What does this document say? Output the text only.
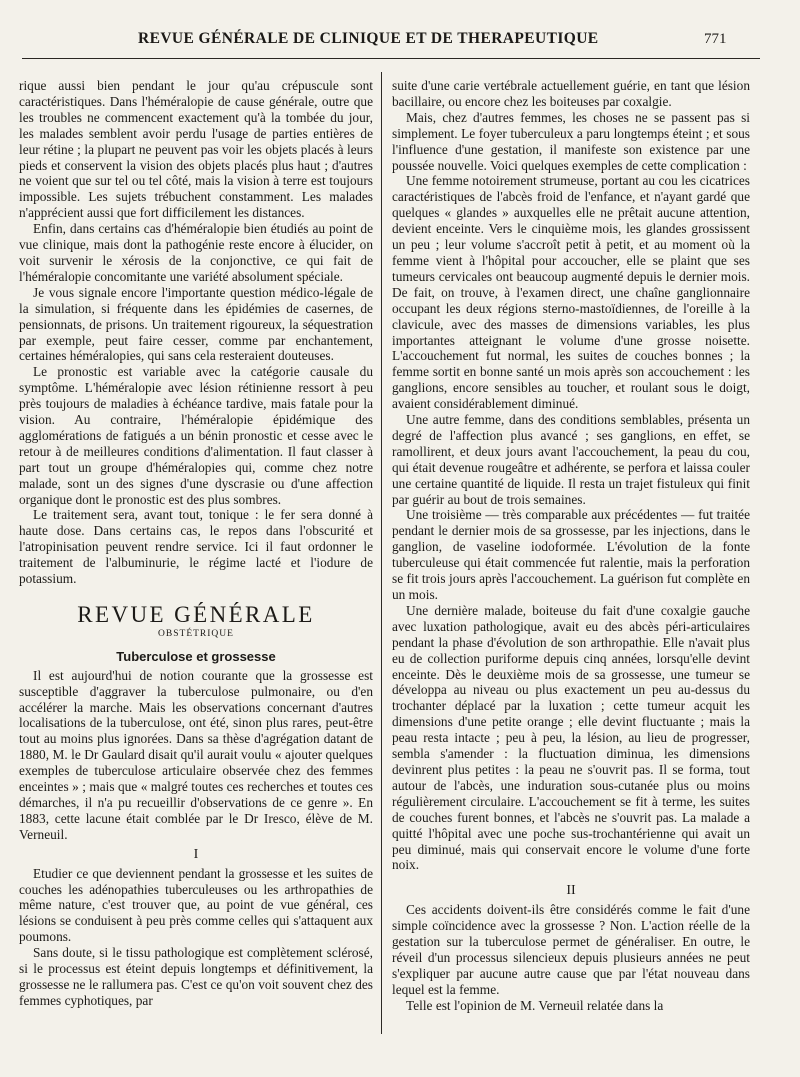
REVUE GÉNÉRALE DE CLINIQUE ET DE THERAPEUTIQUE	771

rique aussi bien pendant le jour qu'au crépuscule sont caractéristiques. Dans l'héméralopie de cause générale, outre que les troubles ne commencent exactement qu'à la tombée du jour, les malades semblent avoir perdu l'usage de parties entières de leur rétine ; la plupart ne peuvent pas voir les objets placés à leurs pieds et conservent la vision des objets placés plus haut ; d'autres ne voient que sur tel ou tel côté, mais la vision à terre est toujours impossible. Les sujets trébuchent constamment. Les malades n'apprécient aussi que fort difficilement les distances.

Enfin, dans certains cas d'héméralopie bien étudiés au point de vue clinique, mais dont la pathogénie reste encore à élucider, on voit survenir le xérosis de la conjonctive, ce qui fait de l'héméralopie concomitante une variété absolument spéciale.

Je vous signale encore l'importante question médico-légale de la simulation, si fréquente dans les épidémies de casernes, de pensionnats, de prisons. Un traitement rigoureux, la séquestration par exemple, peut faire cesser, comme par enchantement, certaines héméralopies, qui sans cela resteraient douteuses.

Le pronostic est variable avec la catégorie causale du symptôme. L'héméralopie avec lésion rétinienne ressort à peu près toujours de maladies à échéance tardive, mais fatale pour la vision. Au contraire, l'héméralopie épidémique des agglomérations de fatigués a un bénin pronostic et cesse avec le retour à de meilleures conditions d'alimentation. Il faut classer à part tout un groupe d'héméralopies qui, comme chez notre malade, sont un des signes d'une dyscrasie ou d'une affection organique dont le pronostic est des plus sombres.

Le traitement sera, avant tout, tonique : le fer sera donné à haute dose. Dans certains cas, le repos dans l'obscurité et l'atropinisation peuvent rendre service. Ici il faut ordonner le traitement de l'albuminurie, le régime lacté et l'iodure de potassium.

REVUE GÉNÉRALE
OBSTÉTRIQUE
Tuberculose et grossesse

Il est aujourd'hui de notion courante que la grossesse est susceptible d'aggraver la tuberculose pulmonaire, ou d'en accélérer la marche. Mais les observations concernant d'autres localisations de la tuberculose, ont été, sinon plus rares, peut-être tout au moins plus ignorées. Dans sa thèse d'agrégation datant de 1880, M. le Dr Gaulard disait qu'il aurait voulu « ajouter quelques exemples de tuberculose articulaire observée chez des femmes enceintes » ; mais que « malgré toutes ces recherches et toutes ces démarches, il n'a pu recueillir d'observations de ce genre ». En 1883, cette lacune était comblée par le Dr Iresco, élève de M. Verneuil.

I

Etudier ce que deviennent pendant la grossesse et les suites de couches les adénopathies tuberculeuses ou les arthropathies de même nature, c'est trouver que, au point de vue général, ces lésions se conduisent à peu près comme celles qui s'attaquent aux poumons.

Sans doute, si le tissu pathologique est complètement sclérosé, si le processus est éteint depuis longtemps et définitivement, la grossesse ne le rallumera pas. C'est ce qu'on voit souvent chez des femmes cyphotiques, par

suite d'une carie vertébrale actuellement guérie, en tant que lésion bacillaire, ou encore chez les boiteuses par coxalgie.

Mais, chez d'autres femmes, les choses ne se passent pas si simplement. Le foyer tuberculeux a paru longtemps éteint ; et sous l'influence d'une gestation, il manifeste son existence par une poussée nouvelle. Voici quelques exemples de cette complication :

Une femme notoirement strumeuse, portant au cou les cicatrices caractéristiques de l'abcès froid de l'enfance, et n'ayant gardé que quelques « glandes » auxquelles elle ne prêtait aucune attention, devient enceinte. Vers le cinquième mois, les glandes grossissent un peu ; leur volume s'accroît petit à petit, et au moment où la femme vient à l'hôpital pour accoucher, elle se plaint que ses tumeurs cervicales ont beaucoup augmenté depuis le dernier mois. De fait, on trouve, à l'examen direct, une chaîne ganglionnaire occupant les deux régions sterno-mastoïdiennes, de l'oreille à la clavicule, avec des masses de dimensions variables, les plus importantes atteignant le volume d'une grosse noisette. L'accouchement fut normal, les suites de couches bonnes ; la femme sortit en bonne santé un mois après son accouchement : les ganglions, encore sensibles au toucher, et roulant sous le doigt, avaient considérablement diminué.

Une autre femme, dans des conditions semblables, présenta un degré de l'affection plus avancé ; ses ganglions, en effet, se ramollirent, et deux jours avant l'accouchement, la peau du cou, qui était devenue rougeâtre et adhérente, se perfora et laissa couler une certaine quantité de liquide. Il resta un trajet fistuleux qui finit par guérir au bout de trois semaines.

Une troisième — très comparable aux précédentes — fut traitée pendant le dernier mois de sa grossesse, par les injections, dans le ganglion, de vaseline iodoformée. L'évolution de la fonte tuberculeuse qui était commencée fut ralentie, mais la perforation se fit trois jours après l'accouchement. La guérison fut complète en un mois.

Une dernière malade, boiteuse du fait d'une coxalgie gauche avec luxation pathologique, avait eu des abcès péri-articulaires pendant la phase d'évolution de son arthropathie. Elle n'avait plus eu de collection puriforme depuis cinq années, lorsqu'elle devint enceinte. Dès le deuxième mois de sa grossesse, une tumeur se développa au niveau ou plus exactement un peu au-dessus du trochanter déplacé par la luxation ; cette tumeur acquit les dimensions d'une petite orange ; elle devint fluctuante ; mais la peau resta intacte ; peu à peu, la lésion, au lieu de progresser, sembla s'amender : la fluctuation diminua, les dimensions devinrent plus petites : la peau ne s'ouvrit pas. Il se forma, tout autour de l'abcès, une induration sous-cutanée plus ou moins régulièrement circulaire. L'accouchement se fit à terme, les suites de couches furent bonnes, et l'abcès ne s'ouvrit pas. La malade a quitté l'hôpital avec une poche sus-trochantérienne qui avait un peu diminué, mais qui conservait encore le volume d'une forte noix.

II

Ces accidents doivent-ils être considérés comme le fait d'une simple coïncidence avec la grossesse ? Non. L'action réelle de la gestation sur la tuberculose permet de généraliser. En outre, le réveil d'un processus silencieux depuis plusieurs années ne peut s'expliquer par aucune autre cause que par l'état nouveau dans lequel est la femme.

Telle est l'opinion de M. Verneuil relatée dans la
